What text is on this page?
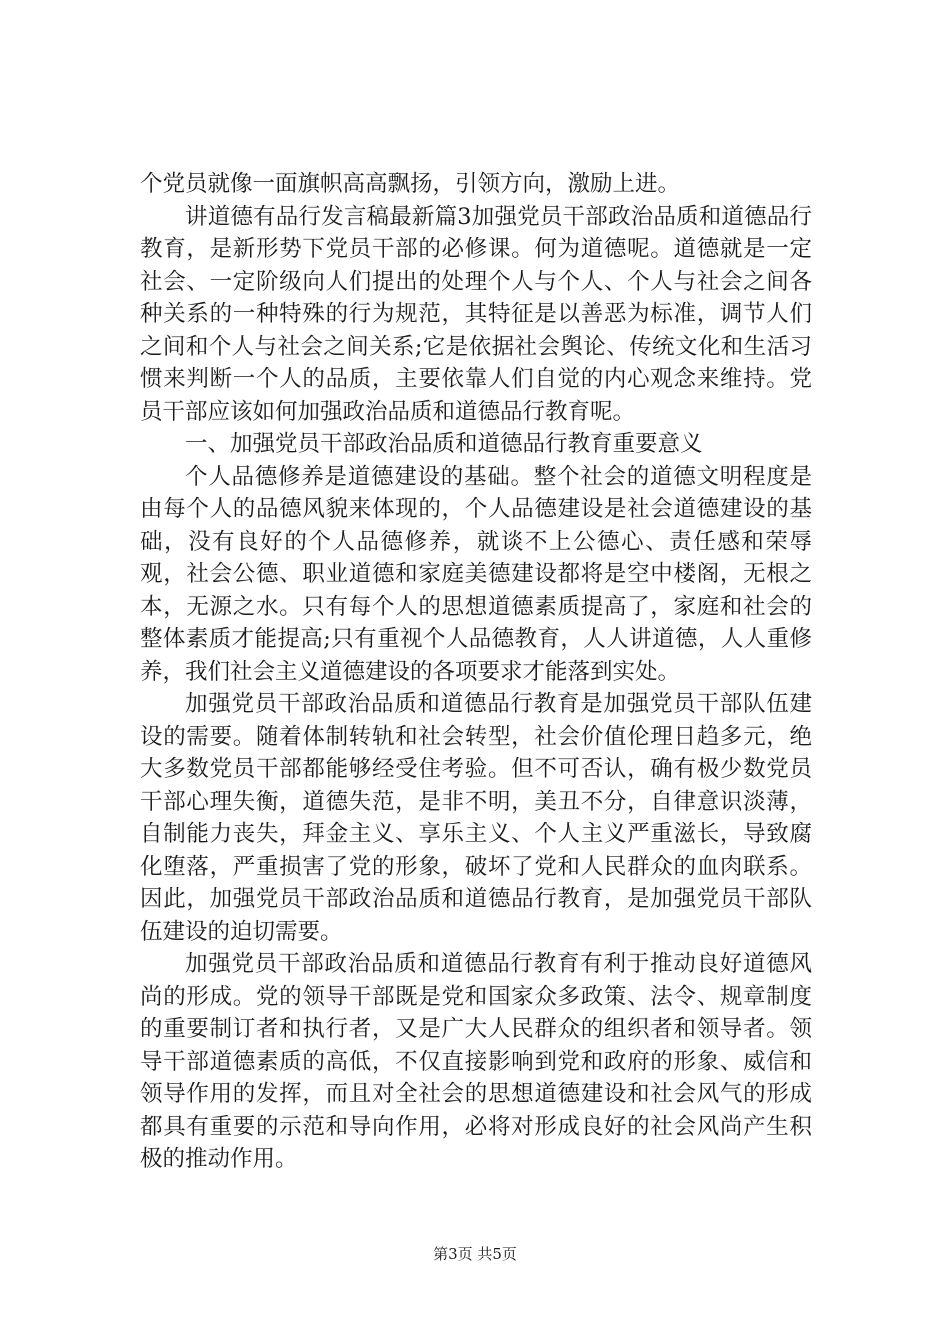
个党员就像一面旗帜高高飘扬，引领方向，激励上进。

讲道德有品行发言稿最新篇3加强党员干部政治品质和道德品行教育，是新形势下党员干部的必修课。何为道德呢。道德就是一定社会、一定阶级向人们提出的处理个人与个人、个人与社会之间各种关系的一种特殊的行为规范，其特征是以善恶为标准，调节人们之间和个人与社会之间关系;它是依据社会舆论、传统文化和生活习惯来判断一个人的品质，主要依靠人们自觉的内心观念来维持。党员干部应该如何加强政治品质和道德品行教育呢。

一、加强党员干部政治品质和道德品行教育重要意义

个人品德修养是道德建设的基础。整个社会的道德文明程度是由每个人的品德风貌来体现的，个人品德建设是社会道德建设的基础，没有良好的个人品德修养，就谈不上公德心、责任感和荣辱观，社会公德、职业道德和家庭美德建设都将是空中楼阁，无根之本，无源之水。只有每个人的思想道德素质提高了，家庭和社会的整体素质才能提高;只有重视个人品德教育，人人讲道德，人人重修养，我们社会主义道德建设的各项要求才能落到实处。

加强党员干部政治品质和道德品行教育是加强党员干部队伍建设的需要。随着体制转轨和社会转型，社会价值伦理日趋多元，绝大多数党员干部都能够经受住考验。但不可否认，确有极少数党员干部心理失衡，道德失范，是非不明，美丑不分，自律意识淡薄，自制能力丧失，拜金主义、享乐主义、个人主义严重滋长，导致腐化堕落，严重损害了党的形象，破坏了党和人民群众的血肉联系。因此，加强党员干部政治品质和道德品行教育，是加强党员干部队伍建设的迫切需要。

加强党员干部政治品质和道德品行教育有利于推动良好道德风尚的形成。党的领导干部既是党和国家众多政策、法令、规章制度的重要制订者和执行者，又是广大人民群众的组织者和领导者。领导干部道德素质的高低，不仅直接影响到党和政府的形象、威信和领导作用的发挥，而且对全社会的思想道德建设和社会风气的形成都具有重要的示范和导向作用，必将对形成良好的社会风尚产生积极的推动作用。

第3页 共5页
